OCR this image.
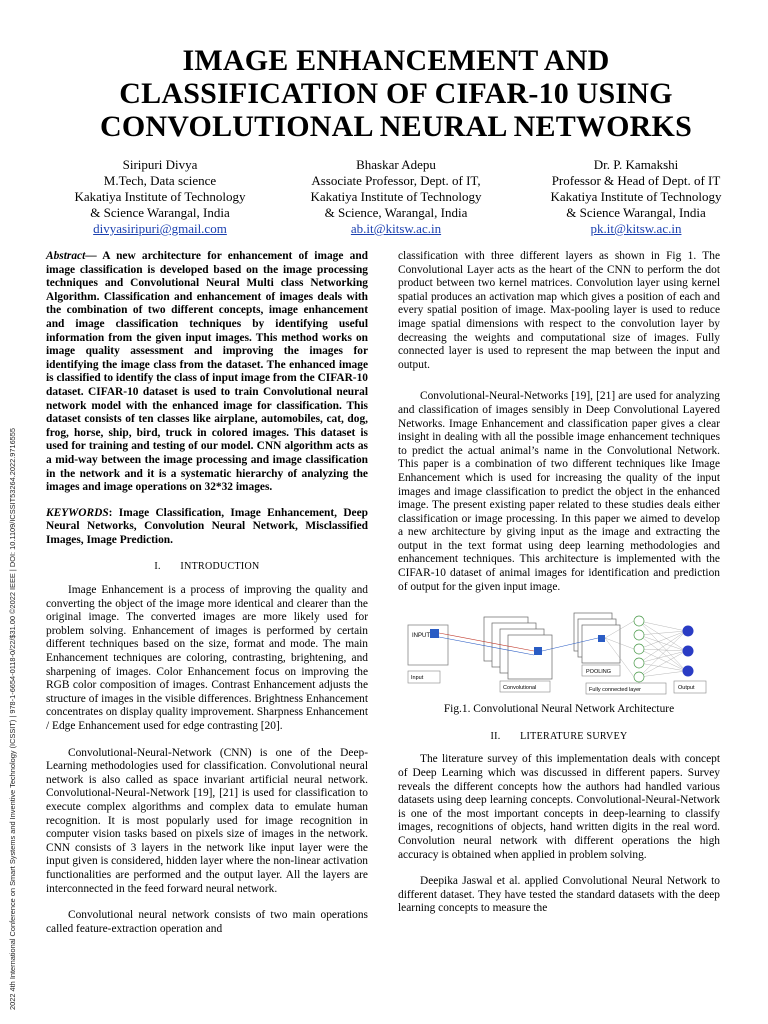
2022 4th International Conference on Smart Systems and Inventive Technology (ICSSIT) | 978-1-6654-0118-0/22/$31.00 ©2022 IEEE | DOI: 10.1109/ICSSIT53264.2022.9716555
IMAGE ENHANCEMENT AND
CLASSIFICATION OF CIFAR-10 USING
CONVOLUTIONAL NEURAL NETWORKS
Siripuri Divya
M.Tech, Data science
Kakatiya Institute of Technology
& Science Warangal, India
divyasiripuri@gmail.com
Bhaskar Adepu
Associate Professor, Dept. of IT,
Kakatiya Institute of Technology
& Science, Warangal, India
ab.it@kitsw.ac.in
Dr. P. Kamakshi
Professor & Head of Dept. of IT
Kakatiya Institute of Technology
& Science Warangal, India
pk.it@kitsw.ac.in

Abstract— A new architecture for enhancement of image and image classification is developed based on the image processing techniques and Convolutional Neural Multi class Networking Algorithm. Classification and enhancement of images deals with the combination of two different concepts, image enhancement and image classification techniques by identifying useful information from the given input images. This method works on image quality assessment and improving the images for identifying the image class from the dataset. The enhanced image is classified to identify the class of input image from the CIFAR-10 dataset. CIFAR-10 dataset is used to train Convolutional neural network model with the enhanced image for classification. This dataset consists of ten classes like airplane, automobiles, cat, dog, frog, horse, ship, bird, truck in colored images. This dataset is used for training and testing of our model. CNN algorithm acts as a mid-way between the image processing and image classification in the network and it is a systematic hierarchy of analyzing the images and image operations on 32*32 images.

KEYWORDS: Image Classification, Image Enhancement, Deep Neural Networks, Convolution Neural Network, Misclassified Images, Image Prediction.

I.       INTRODUCTION

Image Enhancement is a process of improving the quality and converting the object of the image more identical and clearer than the original image. The converted images are more likely used for problem solving. Enhancement of images is performed by certain different techniques based on the size, format and mode. The main Enhancement techniques are coloring, contrasting, brightening, and sharpening of images. Color Enhancement focus on improving the RGB color composition of images. Contrast Enhancement adjusts the structure of images in the visible differences. Brightness Enhancement concentrates on display quality improvement. Sharpness Enhancement / Edge Enhancement used for edge contrasting [20].

Convolutional-Neural-Network (CNN) is one of the Deep-Learning methodologies used for classification. Convolutional neural network is also called as space invariant artificial neural network. Convolutional-Neural-Network [19], [21] is used for classification to execute complex algorithms and complex data to emulate human recognition. It is most popularly used for image recognition in computer vision tasks based on pixels size of images in the network. CNN consists of 3 layers in the network like input layer were the input given is considered, hidden layer where the non-linear activation functionalities are performed and the output layer. All the layers are interconnected in the feed forward neural network.

Convolutional neural network consists of two main operations called feature-extraction operation and

classification with three different layers as shown in Fig 1. The Convolutional Layer acts as the heart of the CNN to perform the dot product between two kernel matrices. Convolution layer using kernel spatial produces an activation map which gives a position of each and every spatial position of image. Max-pooling layer is used to reduce image spatial dimensions with respect to the convolution layer by decreasing the weights and computational size of images. Fully connected layer is used to represent the map between the input and output.

Convolutional-Neural-Networks [19], [21] are used for analyzing and classification of images sensibly in Deep Convolutional Layered Networks. Image Enhancement and classification paper gives a clear insight in dealing with all the possible image enhancement techniques to predict the actual animal’s name in the Convolutional Network. This paper is a combination of two different techniques like Image Enhancement which is used for increasing the quality of the input images and image classification to predict the object in the enhanced image. The present existing paper related to these studies deals either classification or image processing. In this paper we aimed to develop a new architecture by giving input as the image and extracting the output in the text format using deep learning methodologies and enhancement techniques. This architecture is implemented with the CIFAR-10 dataset of animal images for identification and prediction of output for the given input image.

INPUT
Input
Convolutional
POOLING
Fully connected layer	Output
Fig.1. Convolutional Neural Network Architecture
II.       LITERATURE SURVEY

The literature survey of this implementation deals with concept of Deep Learning which was discussed in different papers. Survey reveals the different concepts how the authors had handled various datasets using deep learning concepts. Convolutional-Neural-Network is one of the most important concepts in deep-learning to classify images, recognitions of objects, hand written digits in the real word. Convolution neural network with different operations the high accuracy is obtained when applied in problem solving.

Deepika Jaswal et al. applied Convolutional Neural Network to different dataset. They have tested the standard datasets with the deep learning concepts to measure the
